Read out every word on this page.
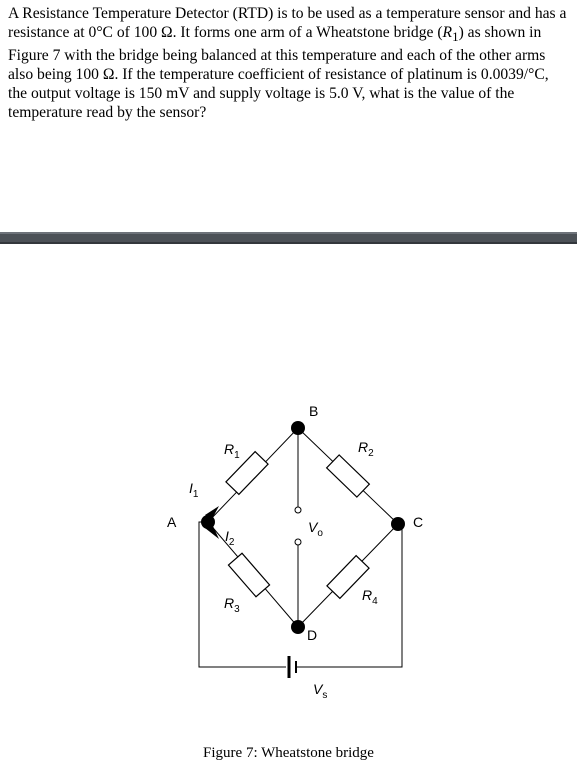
A Resistance Temperature Detector (RTD) is to be used as a temperature sensor and has a resistance at 0°C of 100 Ω. It forms one arm of a Wheatstone bridge $(R_1)$ as shown in Figure 7 with the bridge being balanced at this temperature and each of the other arms also being 100 Ω. If the temperature coefficient of resistance of platinum is 0.0039/°C, the output voltage is 150 mV and supply voltage is 5.0 V, what is the value of the temperature read by the sensor?
B
A	C
D
$R_1$
$R_2$
$R_3$
$R_4$
$I_1$
$I_2$
$V_o$
$V_s$
Figure 7: Wheatstone bridge
